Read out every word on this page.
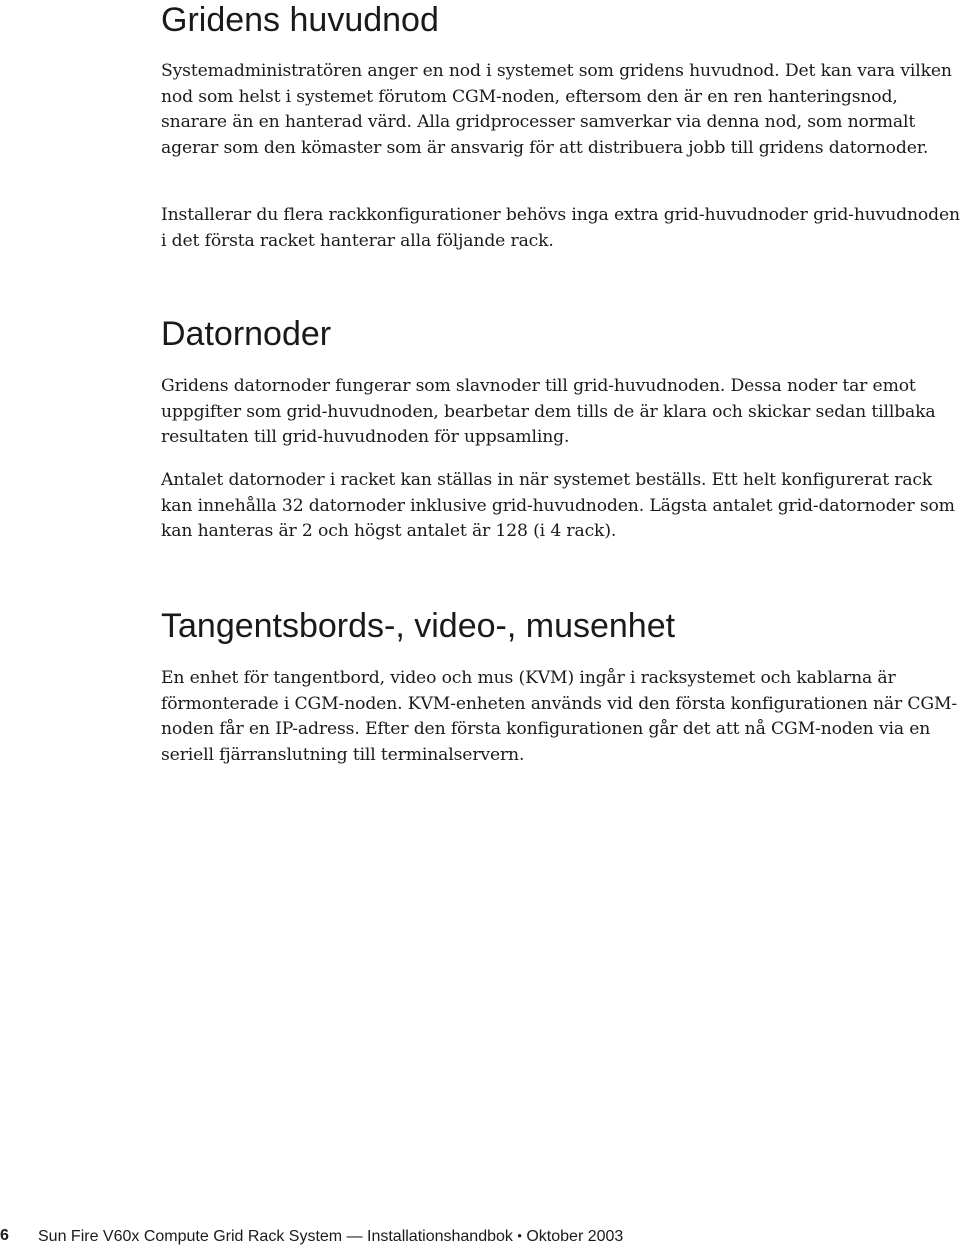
Gridens huvudnod

Systemadministratören anger en nod i systemet som gridens huvudnod. Det kan vara vilken nod som helst i systemet förutom CGM-noden, eftersom den är en ren hanteringsnod, snarare än en hanterad värd. Alla gridprocesser samverkar via denna nod, som normalt agerar som den kömaster som är ansvarig för att distribuera jobb till gridens datornoder.

Installerar du flera rackkonfigurationer behövs inga extra grid-huvudnoder grid-huvudnoden i det första racket hanterar alla följande rack.

Datornoder

Gridens datornoder fungerar som slavnoder till grid-huvudnoden. Dessa noder tar emot uppgifter som grid-huvudnoden, bearbetar dem tills de är klara och skickar sedan tillbaka resultaten till grid-huvudnoden för uppsamling.

Antalet datornoder i racket kan ställas in när systemet beställs. Ett helt konfigurerat rack kan innehålla 32 datornoder inklusive grid-huvudnoden. Lägsta antalet grid-datornoder som kan hanteras är 2 och högst antalet är 128 (i 4 rack).

Tangentsbords-, video-, musenhet

En enhet för tangentbord, video och mus (KVM) ingår i racksystemet och kablarna är förmonterade i CGM-noden. KVM-enheten används vid den första konfigurationen när CGM-noden får en IP-adress. Efter den första konfigurationen går det att nå CGM-noden via en seriell fjärranslutning till terminalservern.

6 Sun Fire V60x Compute Grid Rack System — Installationshandbok • Oktober 2003
